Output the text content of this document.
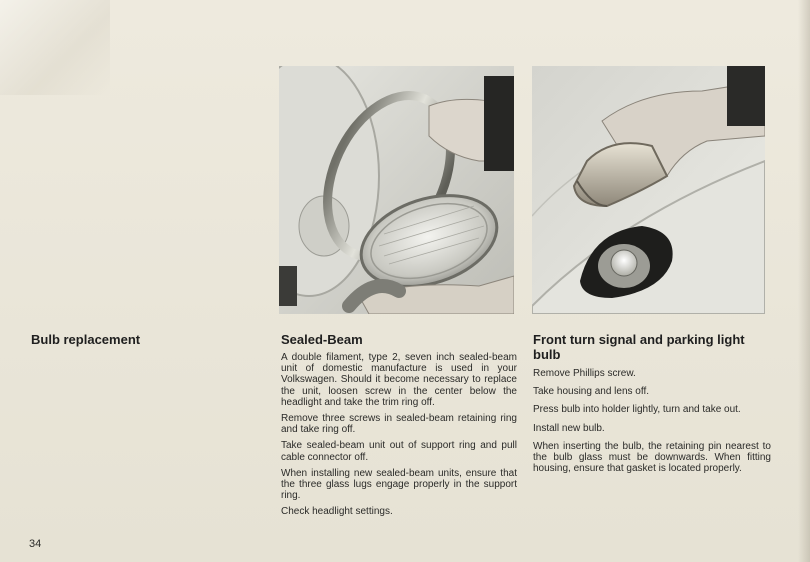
Bulb replacement	Sealed-Beam

A double filament, type 2, seven inch sealed-beam unit of domestic manufacture is used in your Volkswagen. Should it become necessary to replace the unit, loosen screw in the center below the headlight and take the trim ring off.

Remove three screws in sealed-beam retaining ring and take ring off.

Take sealed-beam unit out of support ring and pull cable connector off.

When installing new sealed-beam units, ensure that the three glass lugs engage properly in the support ring.

Check headlight settings.

Front turn signal and parking light bulb

Remove Phillips screw.

Take housing and lens off.

Press bulb into holder lightly, turn and take out.

Install new bulb.

When inserting the bulb, the retaining pin nearest to the bulb glass must be downwards. When fitting housing, ensure that gasket is located properly.

34
